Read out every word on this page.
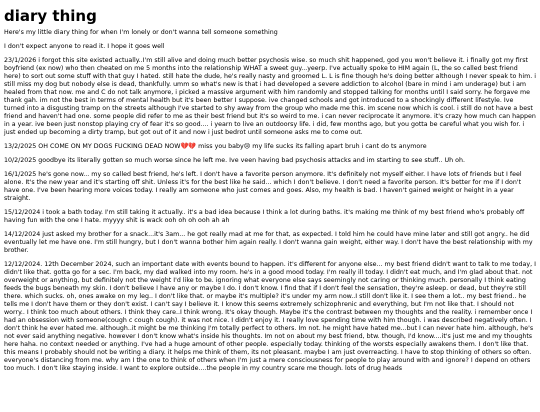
diary thing

Here's my little diary thing for when I'm lonely or don't wanna tell someone something

I don't expect anyone to read it. I hope it goes well

23/1/2026 i forgot this site existed actually..I'm still alive and doing much better psychosis wise. so much shit happened, god you won't believe it. i finally got my first boyfriend (ex now) who then cheated on me 5 months into the relationship WHAT a sweet guy...yeerp. I've actually spoke to HIM again (L, the so called best friend here) to sort out some stuff with that guy I hated. still hate the dude, he's really nasty and groomed L. L is fine though he's doing better although I never speak to him. i still miss my dog but nobody else is dead, thankfully. umm so what's new is that i had developed a severe addiction to alcohol (bare in mind i am underage) but i am healed from that now. me and C do not talk anymore, i picked a massive argument with him randomly and stopped talking for months until I said sorry. he forgave me thank gah. im not the best in terms of mental health but it's been better I suppose. ive changed schools and got introduced to a shockingly different lifestyle. Ive turned into a disgusting tramp on the streets although I've started to shy away from the group who made me this. im scene now which is cool. i still do not have a best friend and haven't had one. some people did refer to me as their best friend but it's so weird to me. i can never reciprocate it anymore. it's crazy how much can happen in a year. ive been just nonstop playing cry of fear it's so good.... i yearn to live an outdoorsy life. i did, few months ago, but you gotta be careful what you wish for. i just ended up becoming a dirty tramp, but got out of it and now i just bedrot until someone asks me to come out.

13/2/2025 OH COME ON MY DOGS FUCKING DEAD NOW💔💔 miss you baby😢 my life sucks its falling apart bruh i cant do ts anymore

10/2/2025 goodbye its literally gotten so much worse since he left me. Ive veen having bad psychosis attacks and im starting to see stuff.. Uh oh.

16/1/2025 he's gone now... my so called best friend, he's left. I don't have a favorite person anymore. It's definitely not myself either. I have lots of friends but I feel alone. It's the new year and it's starting off shit. Unless it's for the best like he said... which I don't believe. I don't need a favorite person. It's better for me if I don't have one. I've been hearing more voices today. I really am someone who just comes and goes. Also, my health is bad. I haven't gained weight or height in a year straight.

15/12/2024 i took a bath today. I'm still taking it actually.. it's a bad idea because I think a lot during baths. it's making me think of my best friend who's probably off having fun with the one I hate. myyyy shit is wack ooh oh oh ooh ah ah

14/12/2024 just asked my brother for a snack...it's 3am... he got really mad at me for that, as expected. I told him he could have mine later and still got angry.. he did eventually let me have one. I'm still hungry, but I don't wanna bother him again really. I don't wanna gain weight, either way. I don't have the best relationship with my brother.

12/12/2024. 12th December 2024, such an important date with events bound to happen. it's different for anyone else... my best friend didn't want to talk to me today, I didn't like that. gotta go for a sec. I'm back, my dad walked into my room. he's in a good mood today. I'm really ill today. I didn't eat much, and I'm glad about that. not overweight or anything, but definitely not the weight I'd like to be. ignoring what everyone else says seemingly not caring or thinking much. personally I think eating feeds the bugs beneath my skin. I don't believe I have any or maybe I do. I don't know. I find that if I don't feel the sensation, they're asleep. or dead, but they're still there. which sucks. oh, ones awake on my leg.. I don't like that. or maybe it's multiple? it's under my arm now..I still don't like it. I see them a lot.. my best friend.. he tells me I don't have them or they don't exist. I can't say I believe it. I know this seems extremely schizophrenic and everything, but I'm not like that. I should not worry.. I think too much about others. I think they care..I think wrong. It's okay though. Maybe it's the contrast between my thoughts and the reality. i remember once I had an obsession with someone(cough c cough cough). it was not nice. I didn't enjoy it. I really love spending time with him though. i was described negatively often. I don't think he ever hated me. although..it might be me thinking I'm totally perfect to others. Im not. he might have hated me...but I can never hate him. although, he's not ever said anything negative. however I don't know what's inside his thoughts. Im not on about my best friend, btw. though, I'd know....it's just me and my thoughts here haha. no context needed or anything. I've had a huge amount of other people. especially today. thinking of the worsts especially awakens them. I don't like that. this means I probably should not be writing a diary. it helps me think of them, its not pleasant. maybe I am just overreacting. I have to stop thinking of others so often. everyone's distancing from me. why am I the one to think of others when I'm just a mere consciousness for people to play around with and ignore? I depend on others too much. I don't like staying inside. I want to explore outside....the people in my country scare me though. lots of drug heads
